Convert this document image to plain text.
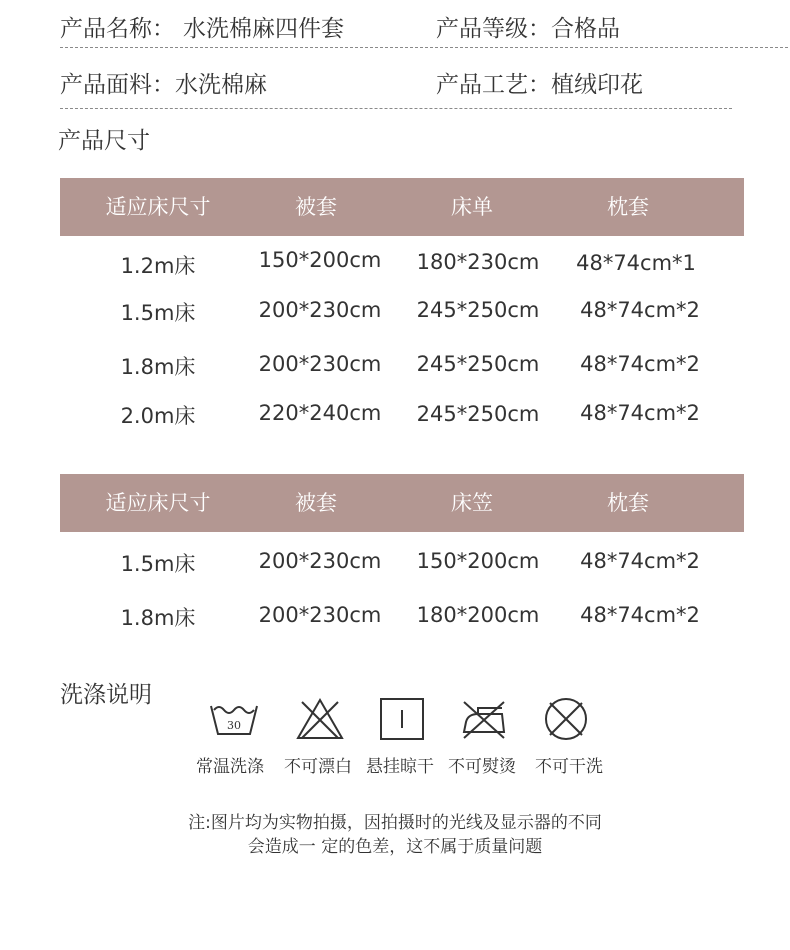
产品名称： 水洗棉麻四件套	产品等级：合格品
产品面料：水洗棉麻	产品工艺：植绒印花
产品尺寸
适应床尺寸	被套	床单	枕套
1.2m床	150*200cm	180*230cm	48*74cm*1
1.5m床	200*230cm	245*250cm	48*74cm*2
1.8m床	200*230cm	245*250cm	48*74cm*2
2.0m床	220*240cm	245*250cm	48*74cm*2
适应床尺寸	被套	床笠	枕套
1.5m床	200*230cm	150*200cm	48*74cm*2
1.8m床	200*230cm	180*200cm	48*74cm*2
洗涤说明
30
常温洗涤 不可漂白 悬挂晾干 不可熨烫 不可干洗
注:图片均为实物拍摄，因拍摄时的光线及显示器的不同
会造成一 定的色差，这不属于质量问题
